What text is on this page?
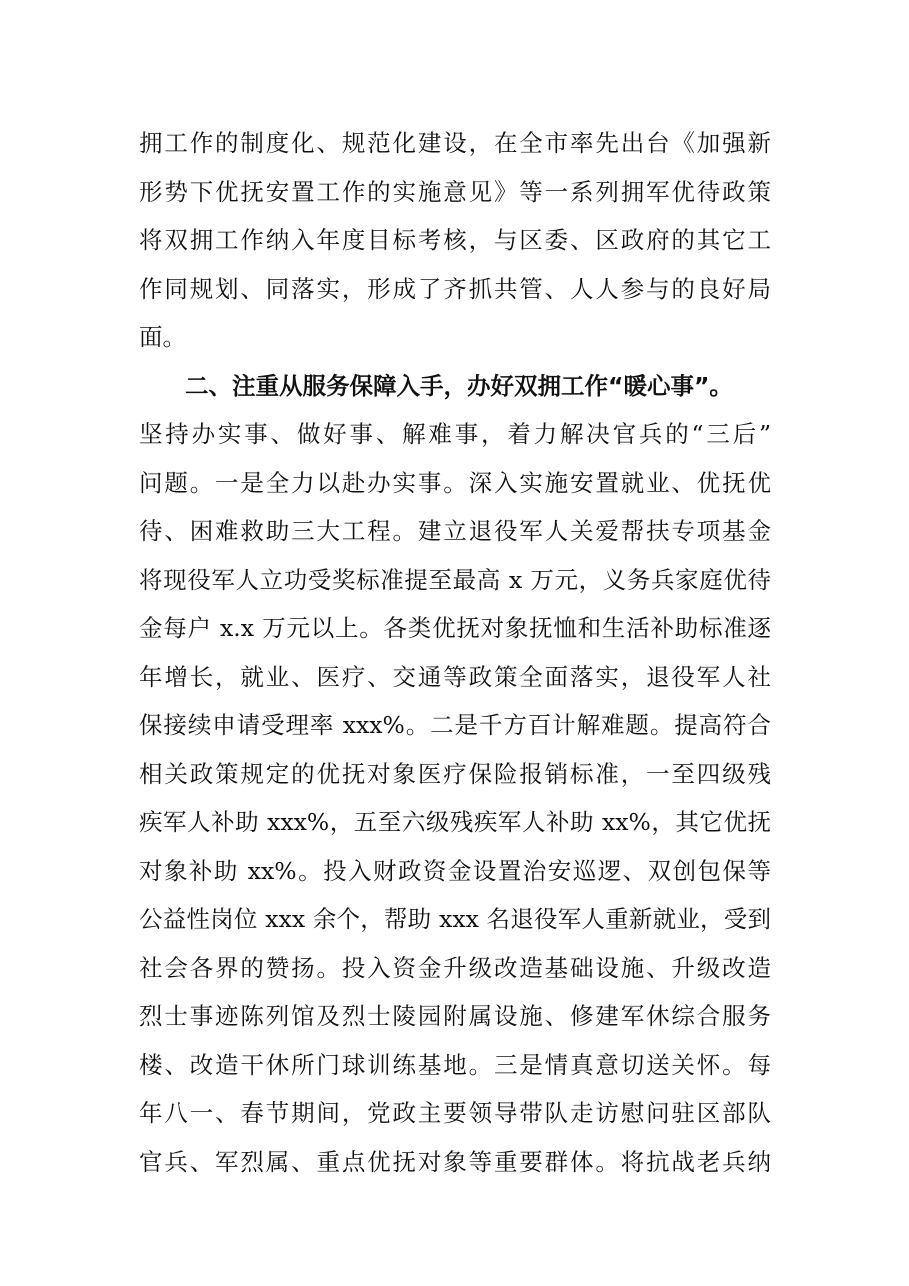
拥工作的制度化、规范化建设，在全市率先出台《加强新
形势下优抚安置工作的实施意见》等一系列拥军优待政策
将双拥工作纳入年度目标考核，与区委、区政府的其它工
作同规划、同落实，形成了齐抓共管、人人参与的良好局
面。
二、注重从服务保障入手，办好双拥工作“暖心事”。
坚持办实事、做好事、解难事，着力解决官兵的“三后”
问题。一是全力以赴办实事。深入实施安置就业、优抚优
待、困难救助三大工程。建立退役军人关爱帮扶专项基金
将现役军人立功受奖标准提至最高 x 万元，义务兵家庭优待
金每户 x.x 万元以上。各类优抚对象抚恤和生活补助标准逐
年增长，就业、医疗、交通等政策全面落实，退役军人社
保接续申请受理率 xxx%。二是千方百计解难题。提高符合
相关政策规定的优抚对象医疗保险报销标准，一至四级残
疾军人补助 xxx%，五至六级残疾军人补助 xx%，其它优抚
对象补助 xx%。投入财政资金设置治安巡逻、双创包保等
公益性岗位 xxx 余个，帮助 xxx 名退役军人重新就业，受到
社会各界的赞扬。投入资金升级改造基础设施、升级改造
烈士事迹陈列馆及烈士陵园附属设施、修建军休综合服务
楼、改造干休所门球训练基地。三是情真意切送关怀。每
年八一、春节期间，党政主要领导带队走访慰问驻区部队
官兵、军烈属、重点优抚对象等重要群体。将抗战老兵纳
